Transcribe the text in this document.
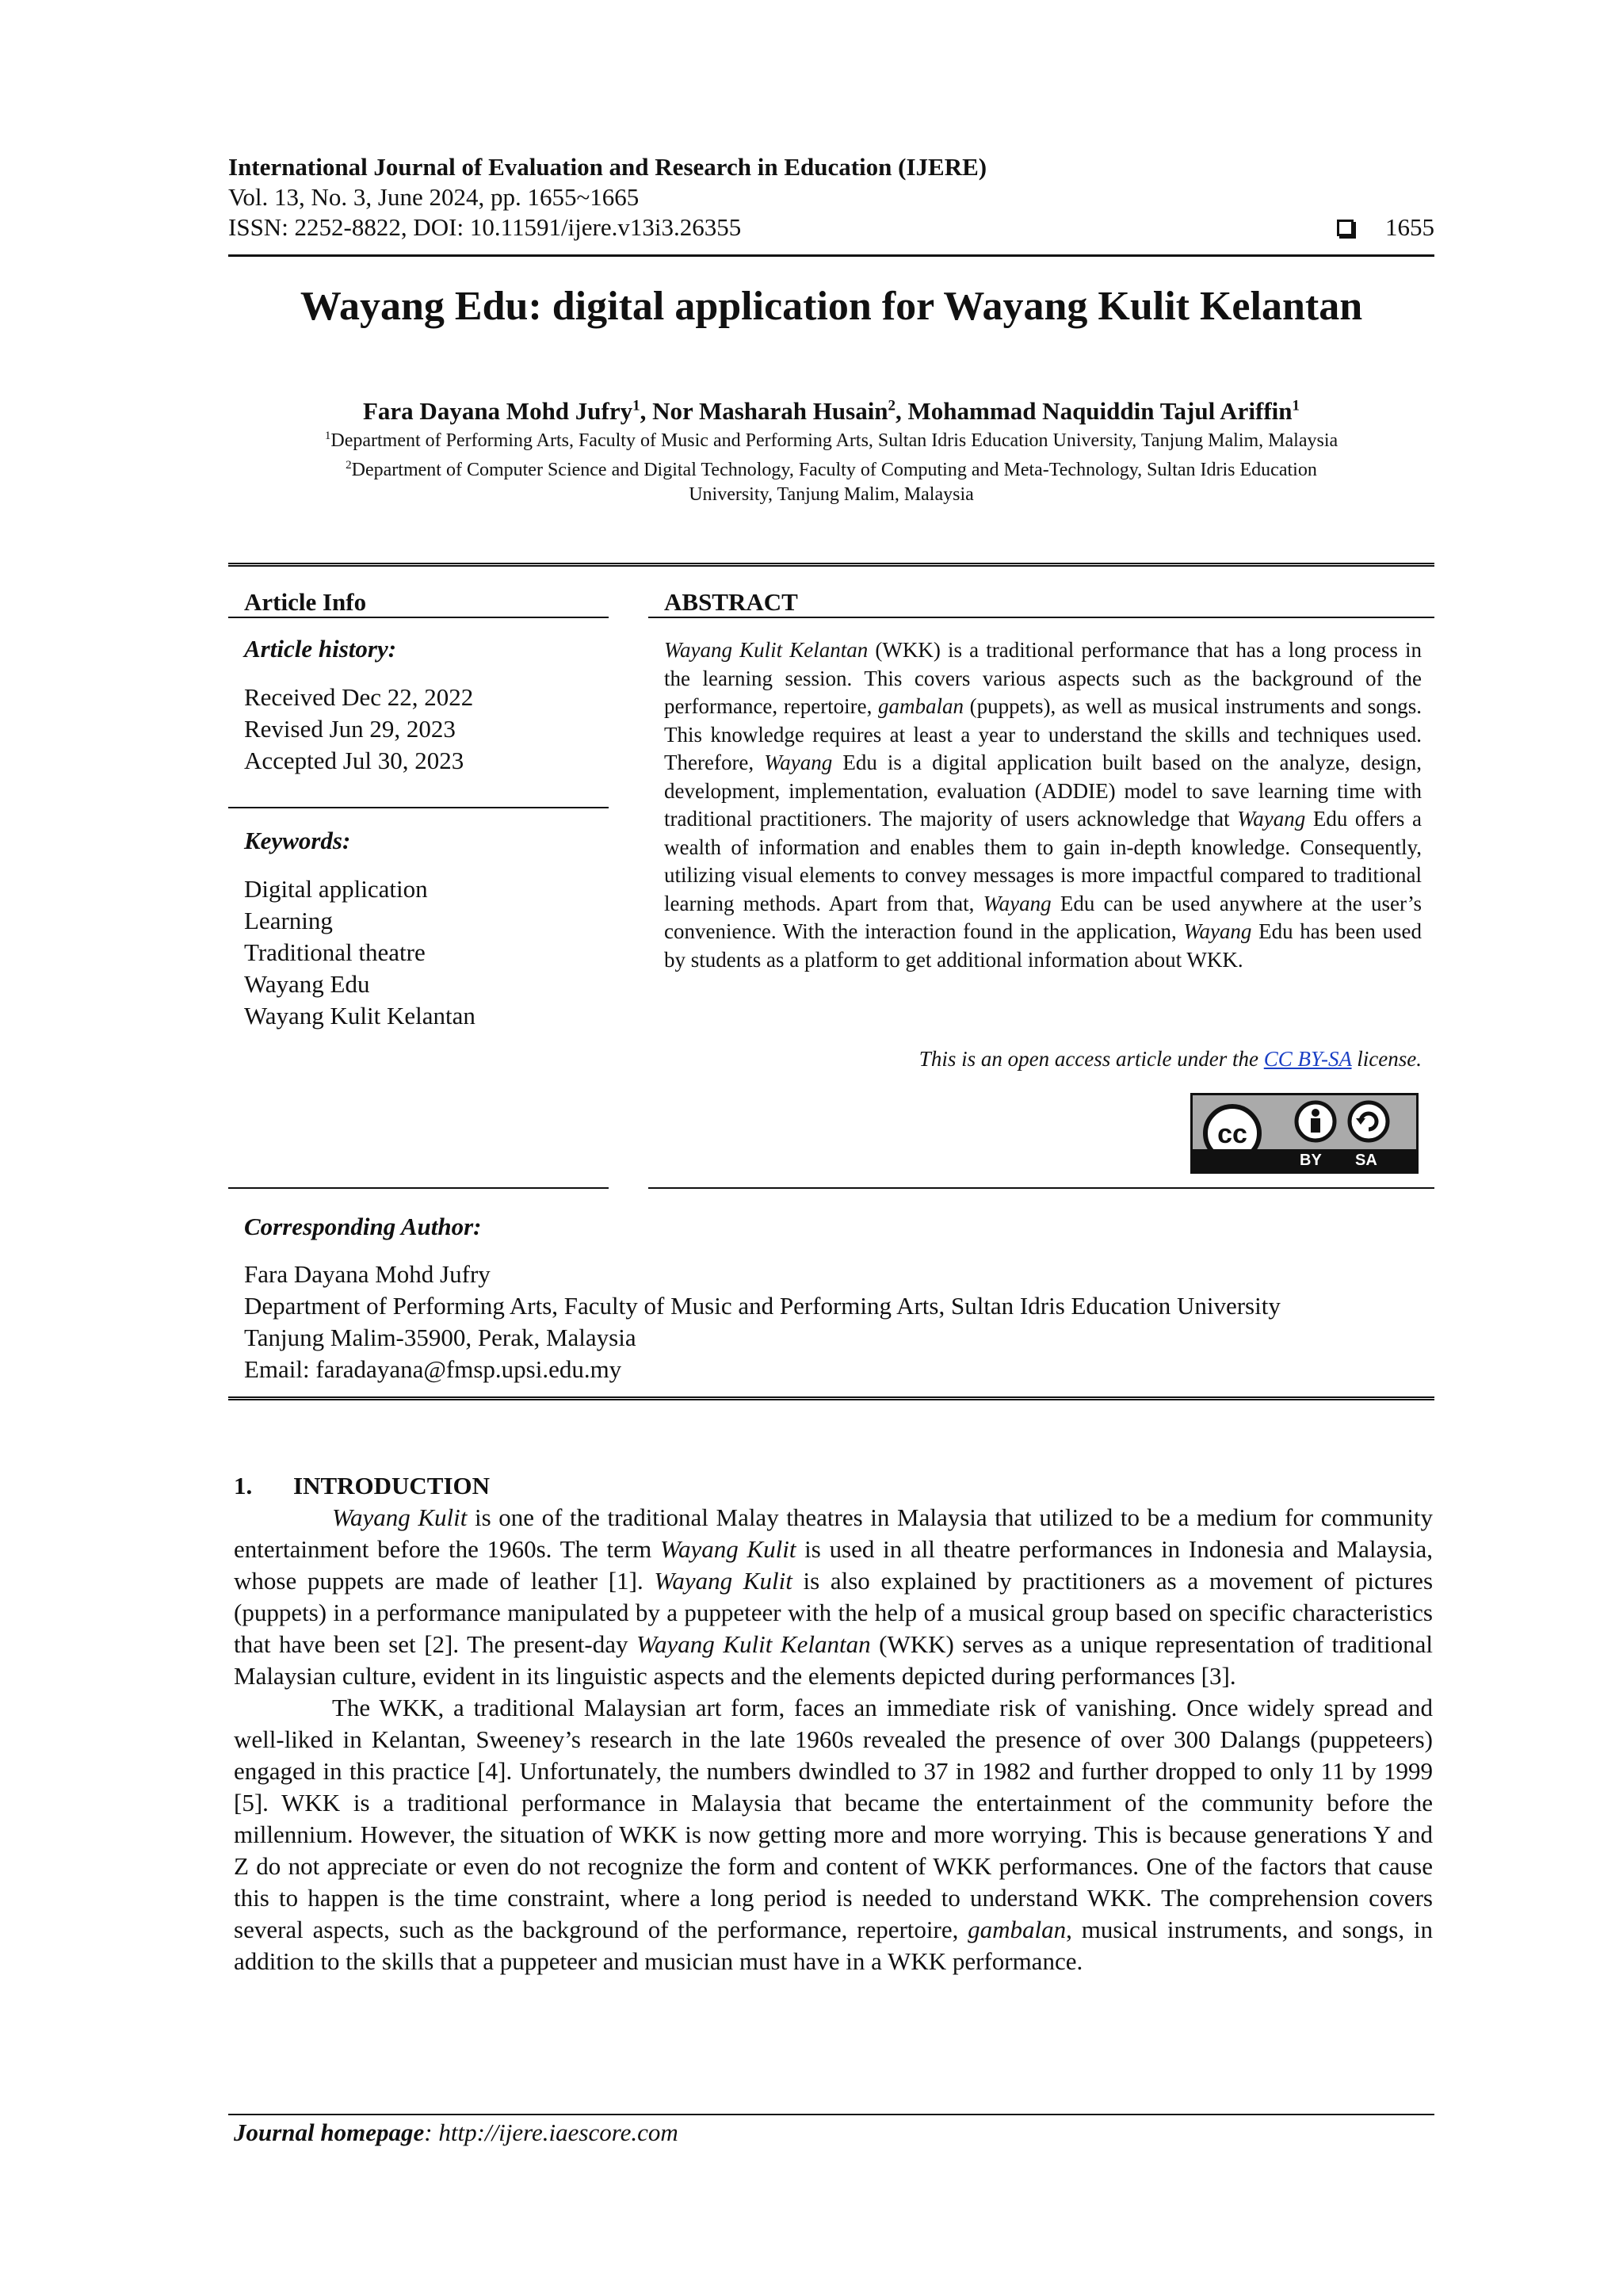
International Journal of Evaluation and Research in Education (IJERE)
Vol. 13, No. 3, June 2024, pp. 1655~1665
ISSN: 2252-8822, DOI: 10.11591/ijere.v13i3.26355	1655
Wayang Edu: digital application for Wayang Kulit Kelantan
Fara Dayana Mohd Jufry$^1$, Nor Masharah Husain$^2$, Mohammad Naquiddin Tajul Ariffin$^1$
$^1$Department of Performing Arts, Faculty of Music and Performing Arts, Sultan Idris Education University, Tanjung Malim, Malaysia
$^2$Department of Computer Science and Digital Technology, Faculty of Computing and Meta-Technology, Sultan Idris Education
University, Tanjung Malim, Malaysia
Article Info	ABSTRACT
Article history:
Received Dec 22, 2022
Revised Jun 29, 2023
Accepted Jul 30, 2023
Keywords:
Digital application
Learning
Traditional theatre
Wayang Edu
Wayang Kulit Kelantan
Wayang Kulit Kelantan (WKK) is a traditional performance that has a long process in the learning session. This covers various aspects such as the background of the performance, repertoire, gambalan (puppets), as well as musical instruments and songs. This knowledge requires at least a year to understand the skills and techniques used. Therefore, Wayang Edu is a digital application built based on the analyze, design, development, implementation, evaluation (ADDIE) model to save learning time with traditional practitioners. The majority of users acknowledge that Wayang Edu offers a wealth of information and enables them to gain in-depth knowledge. Consequently, utilizing visual elements to convey messages is more impactful compared to traditional learning methods. Apart from that, Wayang Edu can be used anywhere at the user’s convenience. With the interaction found in the application, Wayang Edu has been used by students as a platform to get additional information about WKK.
This is an open access article under the CC BY-SA license.
cc
BY SA
Corresponding Author:
Fara Dayana Mohd Jufry
Department of Performing Arts, Faculty of Music and Performing Arts, Sultan Idris Education University
Tanjung Malim-35900, Perak, Malaysia
Email: faradayana@fmsp.upsi.edu.my
1. INTRODUCTION

Wayang Kulit is one of the traditional Malay theatres in Malaysia that utilized to be a medium for community entertainment before the 1960s. The term Wayang Kulit is used in all theatre performances in Indonesia and Malaysia, whose puppets are made of leather [1]. Wayang Kulit is also explained by practitioners as a movement of pictures (puppets) in a performance manipulated by a puppeteer with the help of a musical group based on specific characteristics that have been set [2]. The present-day Wayang Kulit Kelantan (WKK) serves as a unique representation of traditional Malaysian culture, evident in its linguistic aspects and the elements depicted during performances [3].

The WKK, a traditional Malaysian art form, faces an immediate risk of vanishing. Once widely spread and well-liked in Kelantan, Sweeney’s research in the late 1960s revealed the presence of over 300 Dalangs (puppeteers) engaged in this practice [4]. Unfortunately, the numbers dwindled to 37 in 1982 and further dropped to only 11 by 1999 [5]. WKK is a traditional performance in Malaysia that became the entertainment of the community before the millennium. However, the situation of WKK is now getting more and more worrying. This is because generations Y and Z do not appreciate or even do not recognize the form and content of WKK performances. One of the factors that cause this to happen is the time constraint, where a long period is needed to understand WKK. The comprehension covers several aspects, such as the background of the performance, repertoire, gambalan, musical instruments, and songs, in addition to the skills that a puppeteer and musician must have in a WKK performance.

Journal homepage: http://ijere.iaescore.com
